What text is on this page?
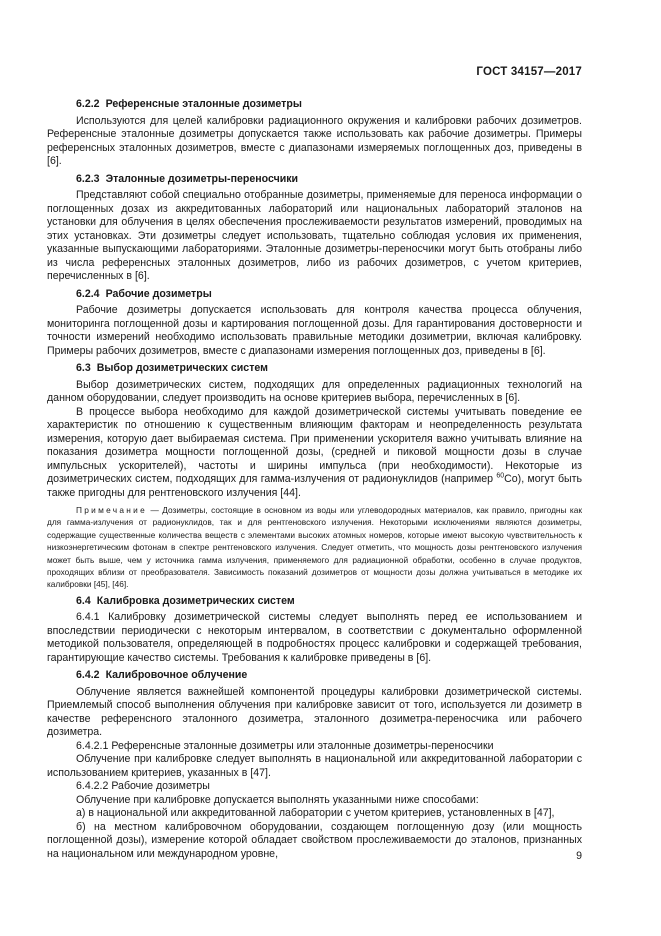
ГОСТ 34157—2017

6.2.2 Референсные эталонные дозиметры

Используются для целей калибровки радиационного окружения и калибровки рабочих дозиметров. Референсные эталонные дозиметры допускается также использовать как рабочие дозиметры. Примеры референсных эталонных дозиметров, вместе с диапазонами измеряемых поглощенных доз, приведены в [6].

6.2.3 Эталонные дозиметры-переносчики

Представляют собой специально отобранные дозиметры, применяемые для переноса информации о поглощенных дозах из аккредитованных лабораторий или национальных лабораторий эталонов на установки для облучения в целях обеспечения прослеживаемости результатов измерений, проводимых на этих установках. Эти дозиметры следует использовать, тщательно соблюдая условия их применения, указанные выпускающими лабораториями. Эталонные дозиметры-переносчики могут быть отобраны либо из числа референсных эталонных дозиметров, либо из рабочих дозиметров, с учетом критериев, перечисленных в [6].

6.2.4 Рабочие дозиметры

Рабочие дозиметры допускается использовать для контроля качества процесса облучения, мониторинга поглощенной дозы и картирования поглощенной дозы. Для гарантирования достоверности и точности измерений необходимо использовать правильные методики дозиметрии, включая калибровку. Примеры рабочих дозиметров, вместе с диапазонами измерения поглощенных доз, приведены в [6].

6.3 Выбор дозиметрических систем

Выбор дозиметрических систем, подходящих для определенных радиационных технологий на данном оборудовании, следует производить на основе критериев выбора, перечисленных в [6].

В процессе выбора необходимо для каждой дозиметрической системы учитывать поведение ее характеристик по отношению к существенным влияющим факторам и неопределенность результата измерения, которую дает выбираемая система. При применении ускорителя важно учитывать влияние на показания дозиметра мощности поглощенной дозы, (средней и пиковой мощности дозы в случае импульсных ускорителей), частоты и ширины импульса (при необходимости). Некоторые из дозиметрических систем, подходящих для гамма-излучения от радионуклидов (например $^{60}$Co), могут быть также пригодны для рентгеновского излучения [44].

Примечание — Дозиметры, состоящие в основном из воды или углеводородных материалов, как правило, пригодны как для гамма-излучения от радионуклидов, так и для рентгеновского излучения. Некоторыми исключениями являются дозиметры, содержащие существенные количества веществ с элементами высоких атомных номеров, которые имеют высокую чувствительность к низкоэнергетическим фотонам в спектре рентгеновского излучения. Следует отметить, что мощность дозы рентгеновского излучения может быть выше, чем у источника гамма излучения, применяемого для радиационной обработки, особенно в случае продуктов, проходящих вблизи от преобразователя. Зависимость показаний дозиметров от мощности дозы должна учитываться в методике их калибровки [45], [46].

6.4 Калибровка дозиметрических систем

6.4.1 Калибровку дозиметрической системы следует выполнять перед ее использованием и впоследствии периодически с некоторым интервалом, в соответствии с документально оформленной методикой пользователя, определяющей в подробностях процесс калибровки и содержащей требования, гарантирующие качество системы. Требования к калибровке приведены в [6].

6.4.2 Калибровочное облучение

Облучение является важнейшей компонентой процедуры калибровки дозиметрической системы. Приемлемый способ выполнения облучения при калибровке зависит от того, используется ли дозиметр в качестве референсного эталонного дозиметра, эталонного дозиметра-переносчика или рабочего дозиметра.

6.4.2.1 Референсные эталонные дозиметры или эталонные дозиметры-переносчики

Облучение при калибровке следует выполнять в национальной или аккредитованной лаборатории с использованием критериев, указанных в [47].

6.4.2.2 Рабочие дозиметры

Облучение при калибровке допускается выполнять указанными ниже способами:

а) в национальной или аккредитованной лаборатории с учетом критериев, установленных в [47],

б) на местном калибровочном оборудовании, создающем поглощенную дозу (или мощность поглощенной дозы), измерение которой обладает свойством прослеживаемости до эталонов, признанных на национальном или международном уровне,	9
